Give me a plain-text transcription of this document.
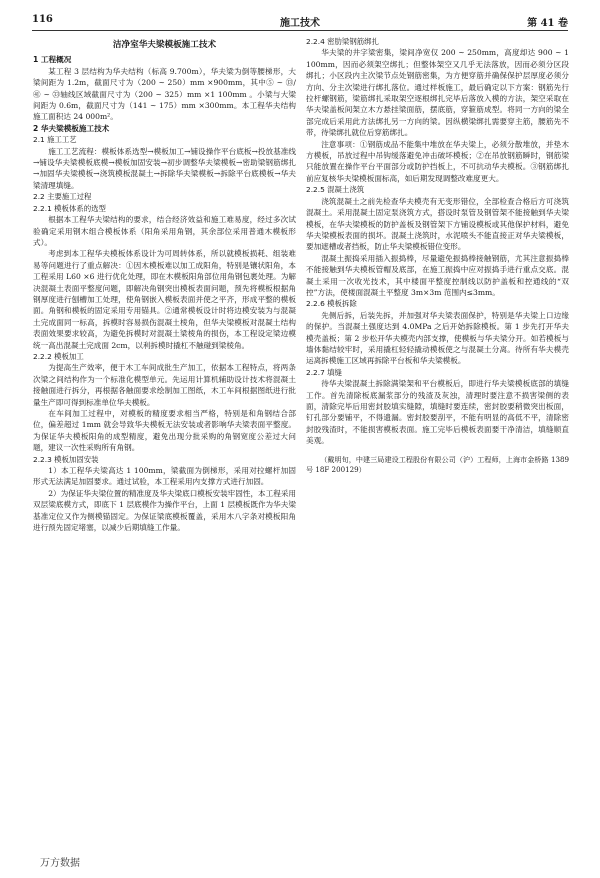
116	施工技术	第 41 卷
洁净室华夫梁模板施工技术
1 工程概况

某工程 3 层结构为华夫结构（标高 9.700m），华夫梁为倒等腰梯形，大梁间距为 1.2m，截面尺寸为（200 ~ 250）mm ×900mm，其中⑤ ~ ⑬/㊶ ~ ㉝轴线区域截面尺寸为（200 ~ 325）mm ×1 100mm 。小梁与大梁间距为 0.6m，截面尺寸为（141 ~ 175）mm ×300mm。本工程华夫结构施工面积达 24 000m²。

2 华夫梁模板施工技术
2.1 施工工艺

施工工艺流程：模板体系选型→模板加工→铺设操作平台底板→投放基准线→铺设华夫梁模板底模→模板加固安装→初步调整华夫梁模板→密助梁钢筋绑扎→加固华夫梁模板→浇筑模板混凝土→拆除华夫梁模板→拆除平台底模板→华夫梁清理填缝。

2.2 主要施工过程
2.2.1 模板体系的选型

根据本工程华夫梁结构的要求，结合经济效益和施工难易度，经过多次试验确定采用钢木组合模板体系（阳角采用角钢，其余部位采用普通木模板形式）。

考虑到本工程华夫模板体系设计为可周转体系，所以就模板损耗、组装难易等问题进行了重点解决：①因木模板难以加工成阳角，特别是镶状阳角，本工程采用 L60 ×6 进行优化处理，即在木模板阳角部位用角钢包裹处理。为解决混凝土表面平整度问题，即解决角钢突出模板表面问题，预先将模板根据角钢厚度进行刨槽加工处理，使角钢嵌入模板表面并使之平齐，形成平整的模板面。角钢和模板的固定采用专用锚具。②通常模板设计时将边模安装为与混凝土完成面同一标高，拆模时容易损伤混凝土棱角，但华夫梁模板对混凝土结构表面效果要求较高，为避免拆模时对混凝土梁棱角的损伤，本工程设定梁边模统一高出混凝土完成面 2cm，以利拆模时撬杠不触碰到梁棱角。

2.2.2 模板加工

为提高生产效率，便于木工车间成批生产加工，依据本工程特点，将两条次梁之间结构作为一个标准化模型单元。先运用计算机辅助设计技术将混凝土接触面进行拆分，再根据各触面要求绘制加工图纸，木工车间根据图纸进行批量生产即可得到标准单位华夫模板。

在车间加工过程中，对模板的精度要求相当严格，特别是和角钢结合部位，偏差超过 1mm 就会导致华夫模板无法安装或者影响华夫梁表面平整度。为保证华夫模板阳角的成型精度，避免出现分批采购的角钢宽度公差过大问题，建议一次性采购所有角钢。

2.2.3 模板加固安装

1）本工程华夫梁高达 1 100mm，梁截面为倒梯形，采用对拉螺杆加固形式无法满足加固要求。通过试验，本工程采用内支撑方式进行加固。

2）为保证华夫梁位置的精准度及华夫梁底口模板安装牢固性，本工程采用双层梁底模方式，即底下 1 层底模作为操作平台，上面 1 层模板既作为华夫梁基准定位又作为侧模锚固定。为保证梁底模板覆盖，采用木八字条对模板阳角进行预先固定堵塞，以减少后期填缝工作量。

2.2.4 密肋梁钢筋绑扎

华夫梁的井字梁密集，梁间净宽仅 200 ~ 250mm，高度却达 900 ~ 1 100mm，因而必须架空绑扎；但整体架空又几乎无法落放，因而必须分区段绑扎；小区段内主次梁节点处钢筋密集，为方便穿筋并确保保护层厚度必须分方向、分主次梁进行绑扎落位。通过样板施工，最后确定以下方案：钢筋先行拉杆螺钢筋，梁筋绑扎采取架空逐根绑扎完毕后落放入模的方法，架空采取在华夫梁盖板间架立木方悬挂梁面筋，摆底筋，穿箍筋成型。将同一方向的梁全部完成后采用此方法绑扎另一方向的梁。因纵横梁绑扎需要穿主筋，腰筋先不带，待梁绑扎就位后穿筋绑扎。

注意事项：①钢筋成品不能集中堆放在华夫梁上，必须分散堆放，并垫木方模板，吊放过程中吊钩缓落避免冲击破坏模板；②在吊放钢筋瞬时，钢筋梁只能放置在操作平台平面部分或防护挡板上，不可抗动华夫模板。③钢筋绑扎前应复核华夫梁模板面标高，如后期发现调整改难度更大。

2.2.5 混凝土浇筑

浇筑混凝土之前先检查华夫模壳有无变形错位，全部检查合格后方可浇筑混凝土。采用混凝土固定泵浇筑方式，搭设时泵管及钢管架不能接触到华夫梁模板，在华夫梁模板的防护盖板及钢管架下方铺设模板或其他保护材料，避免华夫梁模板表面的损坏。混凝土浇筑时，水泥喷头不能直接正对华夫梁模板，要加遮槽或者挡板，防止华夫梁模板错位变形。

混凝土振捣采用插入振捣棒，尽量避免振捣棒接触钢筋，尤其注意振捣棒不能接触到华夫模板管帽及底部，在施工振捣中应对振捣手进行重点交底。混凝土采用一次收光技术，其中楼面平整度控制线以防护盖板和控通线的“双控”方法，使楼面混凝土平整度 3m×3m 范围内≤3mm。

2.2.6 模板拆除

先侧后拆，后装先拆，并加强对华夫梁表面保护，特别是华夫梁上口边缘的保护。当混凝土强度达到 4.0MPa 之后开始拆除模板。第 1 步先打开华夫模壳盖板；第 2 步松开华夫模壳内部支撑，使模板与华夫梁分开。如若模板与墙体黏结较牢时，采用撬杠轻轻撬动模板使之与混凝土分离。待所有华夫模壳运离拆模施工区域再拆除平台板和华夫梁模板。

2.2.7 填缝

待华夫梁混凝土拆除满梁架和平台模板后，即进行华夫梁模板底部的填缝工作。首先清除板底漏浆部分的残渣及灰浊，清理时要注意不损害梁侧的表面，清除完毕后用密封胶填实缝隙，填缝时要连续，密封胶要稍微突出板面，钉孔部分要铺平，不得遗漏。密封胶要刮平，不能有明显的高低不平，清除密封胶残渣时，不能损害模板表面。施工完毕后模板表面要干净清洁，填缝顺直美观。

（戴明旬，中建三局建设工程股份有限公司（沪）工程师，上海市金桥路 1389 号 18F 200129）
万方数据
